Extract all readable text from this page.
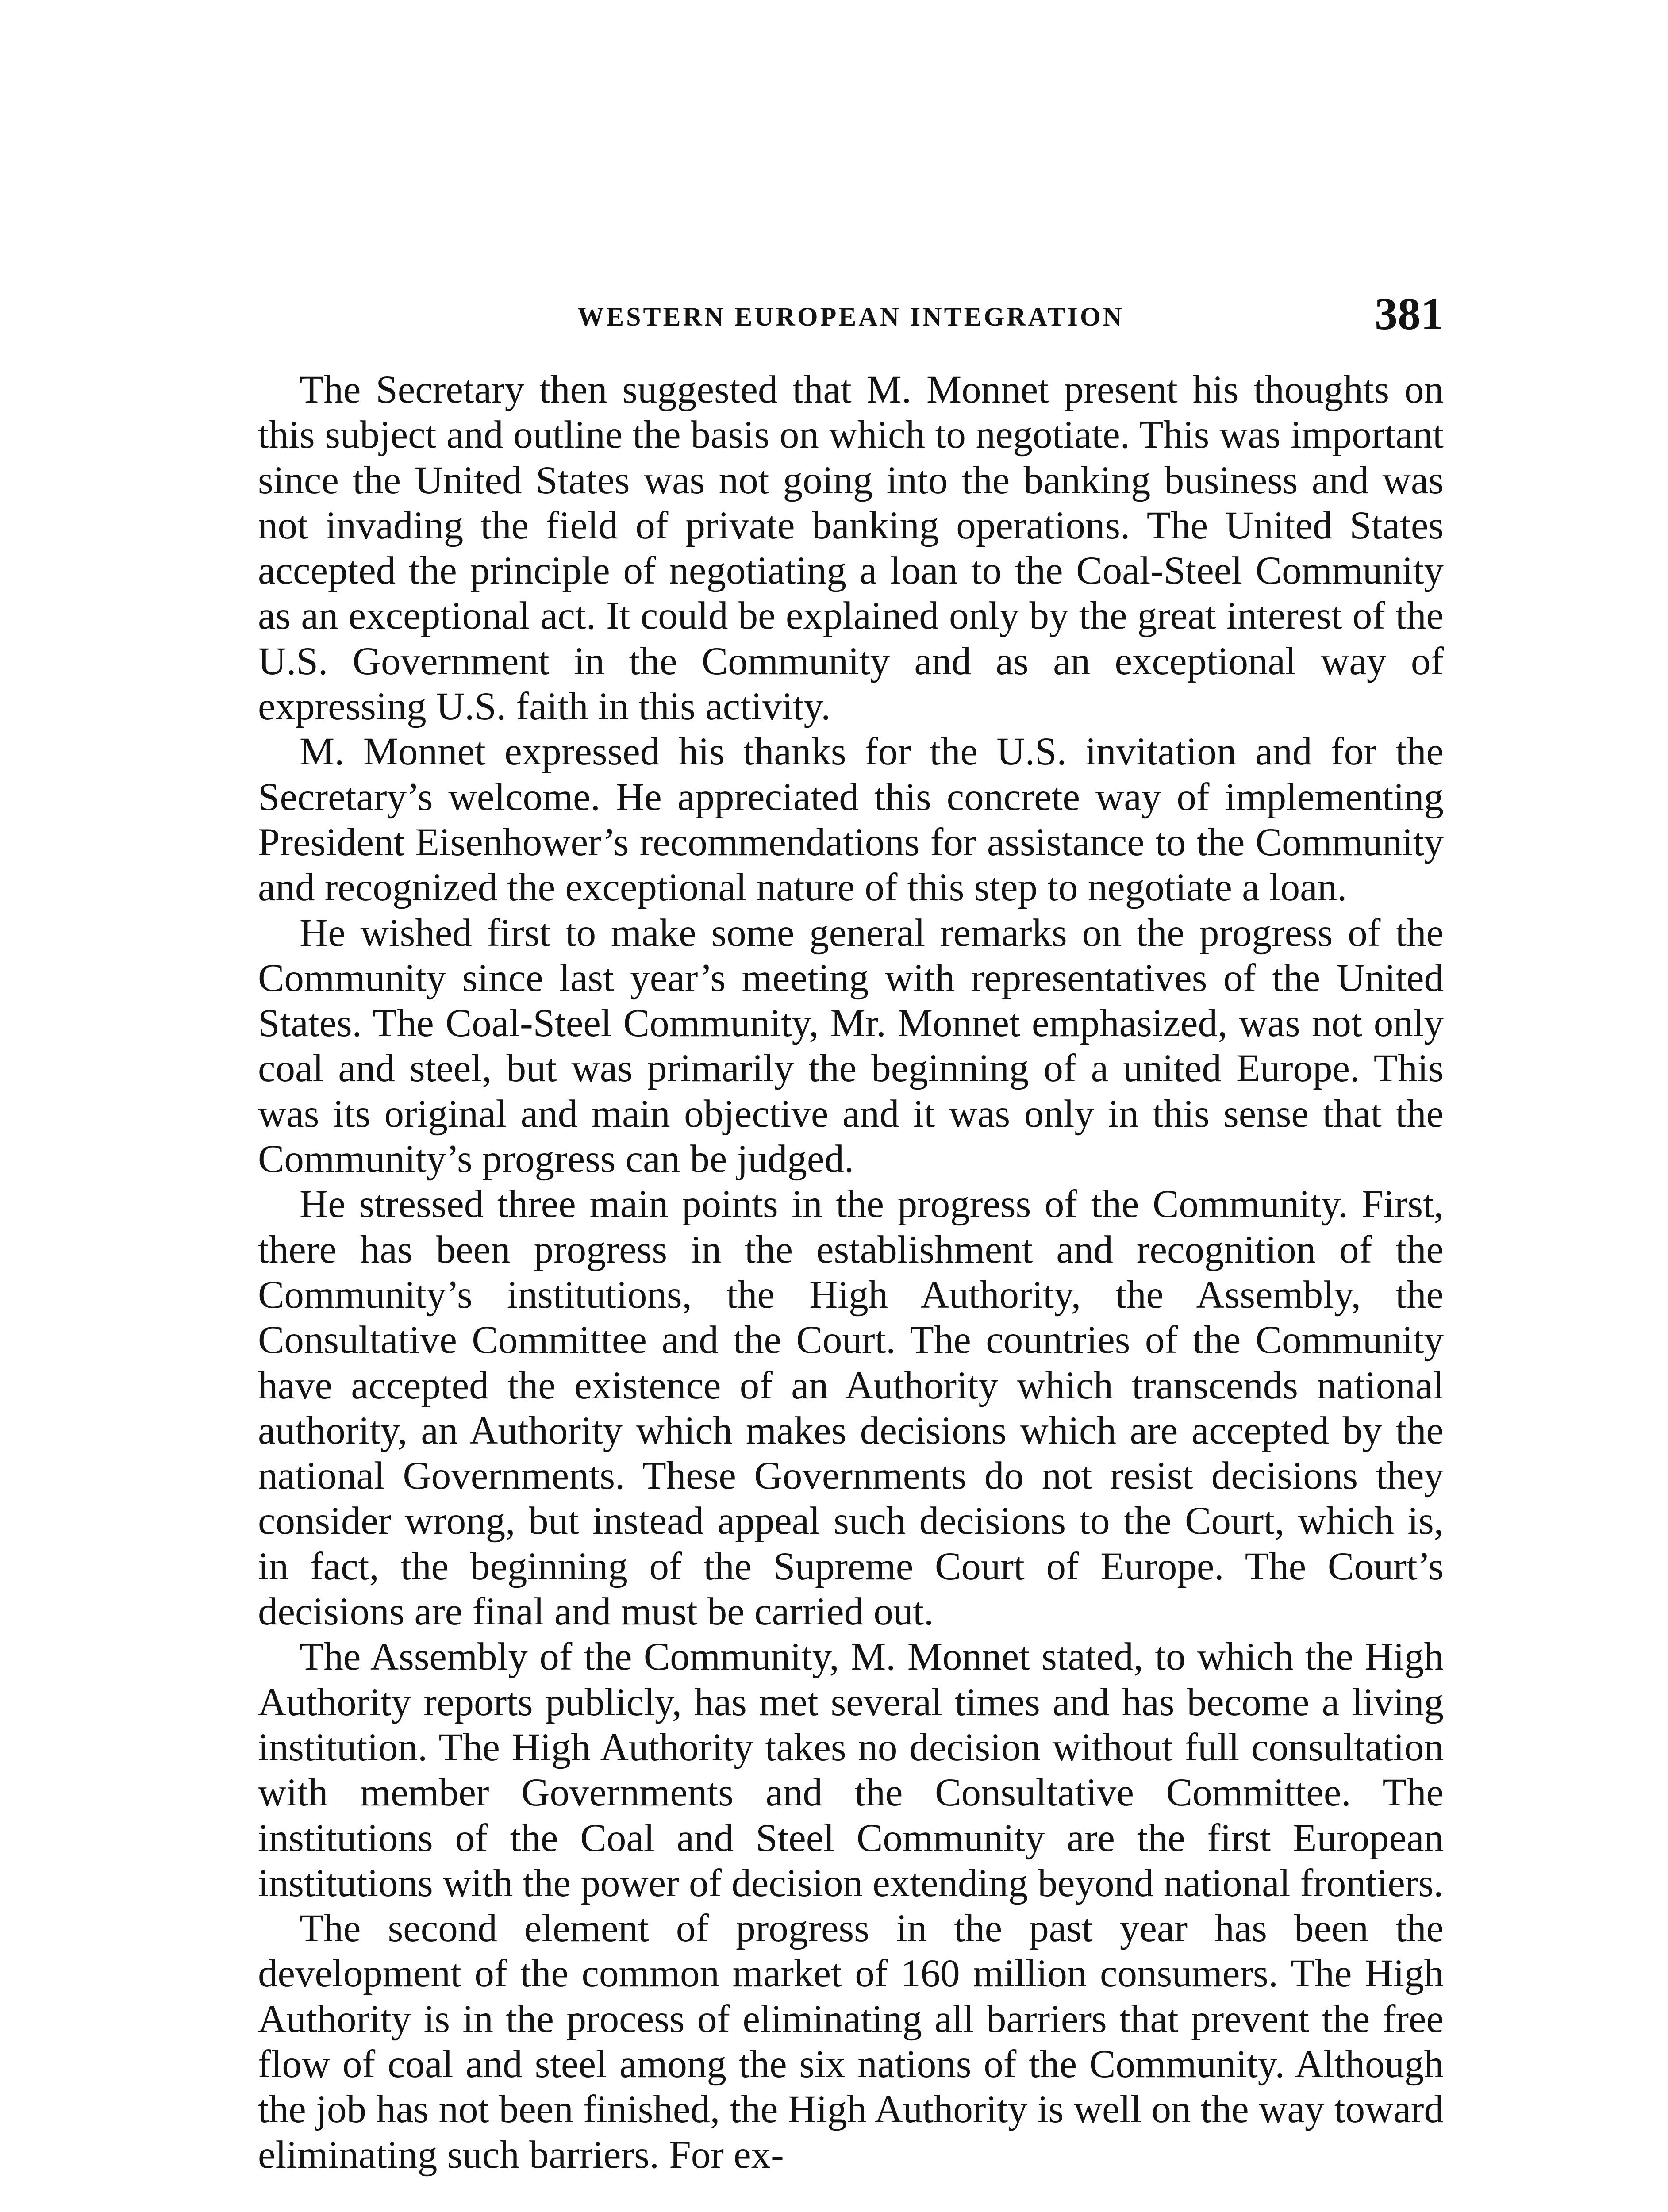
WESTERN EUROPEAN INTEGRATION	381

The Secretary then suggested that M. Monnet present his thoughts on this subject and outline the basis on which to negotiate. This was important since the United States was not going into the banking business and was not invading the field of private banking operations. The United States accepted the principle of negotiating a loan to the Coal-Steel Community as an exceptional act. It could be explained only by the great interest of the U.S. Government in the Community and as an exceptional way of expressing U.S. faith in this activity.

M. Monnet expressed his thanks for the U.S. invitation and for the Secretary’s welcome. He appreciated this concrete way of implementing President Eisenhower’s recommendations for assistance to the Community and recognized the exceptional nature of this step to negotiate a loan.

He wished first to make some general remarks on the progress of the Community since last year’s meeting with representatives of the United States. The Coal-Steel Community, Mr. Monnet emphasized, was not only coal and steel, but was primarily the beginning of a united Europe. This was its original and main objective and it was only in this sense that the Community’s progress can be judged.

He stressed three main points in the progress of the Community. First, there has been progress in the establishment and recognition of the Community’s institutions, the High Authority, the Assembly, the Consultative Committee and the Court. The countries of the Community have accepted the existence of an Authority which transcends national authority, an Authority which makes decisions which are accepted by the national Governments. These Governments do not resist decisions they consider wrong, but instead appeal such decisions to the Court, which is, in fact, the beginning of the Supreme Court of Europe. The Court’s decisions are final and must be carried out.

The Assembly of the Community, M. Monnet stated, to which the High Authority reports publicly, has met several times and has become a living institution. The High Authority takes no decision without full consultation with member Governments and the Consultative Committee. The institutions of the Coal and Steel Community are the first European institutions with the power of decision extending beyond national frontiers.

The second element of progress in the past year has been the development of the common market of 160 million consumers. The High Authority is in the process of eliminating all barriers that prevent the free flow of coal and steel among the six nations of the Community. Although the job has not been finished, the High Authority is well on the way toward eliminating such barriers. For ex-
